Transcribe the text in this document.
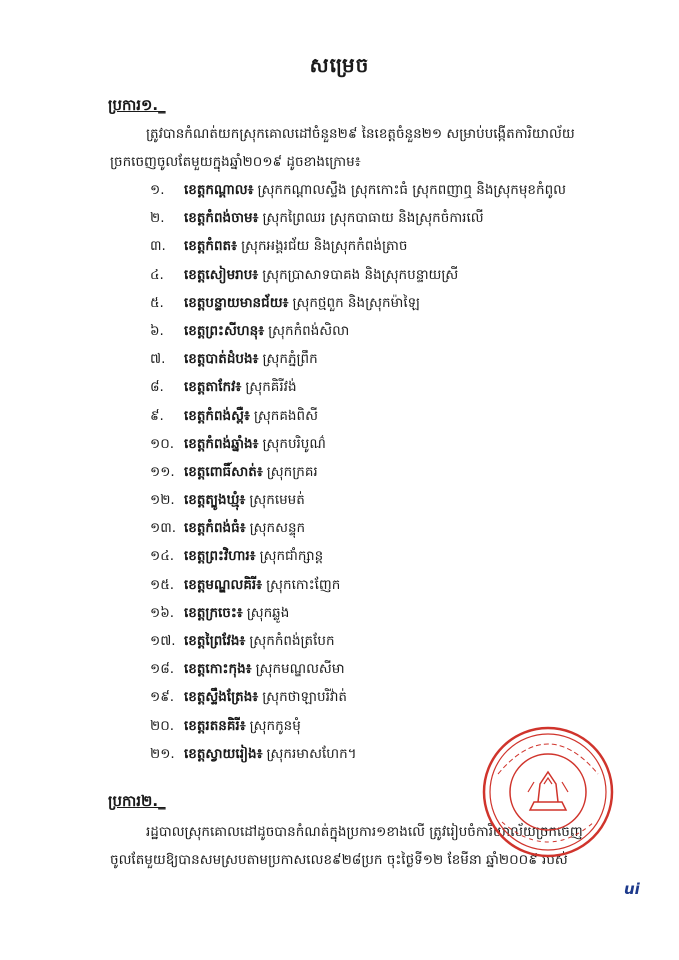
សម្រេច
ប្រការ១._
ត្រូវបានកំណត់យកស្រុកគោលដៅចំនួន២៩ នៃខេត្តចំនួន២១ សម្រាប់បង្កើតការិយាល័យ
ច្រកចេញចូលតែមួយក្នុងឆ្នាំ២០១៩ ដូចខាងក្រោម៖
១. ខេត្តកណ្តាល៖ ស្រុកកណ្តាលស្ទឹង ស្រុកកោះធំ ស្រុកពញាឮ និងស្រុកមុខកំពូល
២. ខេត្តកំពង់ចាម៖ ស្រុកព្រៃឈរ ស្រុកបាធាយ និងស្រុកចំការលើ
៣. ខេត្តកំពត៖ ស្រុកអង្គរជ័យ និងស្រុកកំពង់ត្រាច
៤. ខេត្តសៀមរាប៖ ស្រុកប្រាសាទបាគង និងស្រុកបន្ទាយស្រី
៥. ខេត្តបន្ទាយមានជ័យ៖ ស្រុកថ្មពួក និងស្រុកម៉ាឡៃ
៦. ខេត្តព្រះសីហនុ៖ ស្រុកកំពង់សិលា
៧. ខេត្តបាត់ដំបង៖ ស្រុកភ្នំព្រឹក
៨. ខេត្តតាកែវ៖ ស្រុកគិរីវង់
៩. ខេត្តកំពង់ស្ពឺ៖ ស្រុកគងពិសី
១០. ខេត្តកំពង់ឆ្នាំង៖ ស្រុកបរិបូណ៌
១១. ខេត្តពោធិ៍សាត់៖ ស្រុកក្រគរ
១២. ខេត្តត្បូងឃ្មុំ៖ ស្រុកមេមត់
១៣. ខេត្តកំពង់ធំ៖ ស្រុកសន្ទុក
១៤. ខេត្តព្រះវិហារ៖ ស្រុកជាំក្សាន្ត
១៥. ខេត្តមណ្ឌលគិរី៖ ស្រុកកោះញែក
១៦. ខេត្តក្រចេះ៖ ស្រុកឆ្លូង
១៧. ខេត្តព្រៃវែង៖ ស្រុកកំពង់ត្របែក
១៨. ខេត្តកោះកុង៖ ស្រុកមណ្ឌលសីមា
១៩. ខេត្តស្ទឹងត្រែង៖ ស្រុកថាឡាបរិវ៉ាត់
២០. ខេត្តរតនគិរី៖ ស្រុកកូនមុំ
២១. ខេត្តស្វាយរៀង៖ ស្រុករមាសហែក។
ប្រការ២._
រដ្ឋបាលស្រុកគោលដៅដូចបានកំណត់ក្នុងប្រការ១ខាងលើ ត្រូវរៀបចំការិយាល័យច្រកចេញ
ចូលតែមួយឱ្យបានសមស្របតាមប្រកាសលេខ៩២៨ប្រក ចុះថ្ងៃទី១២ ខែមីនា ឆ្នាំ២០០៩ របស់
ui
